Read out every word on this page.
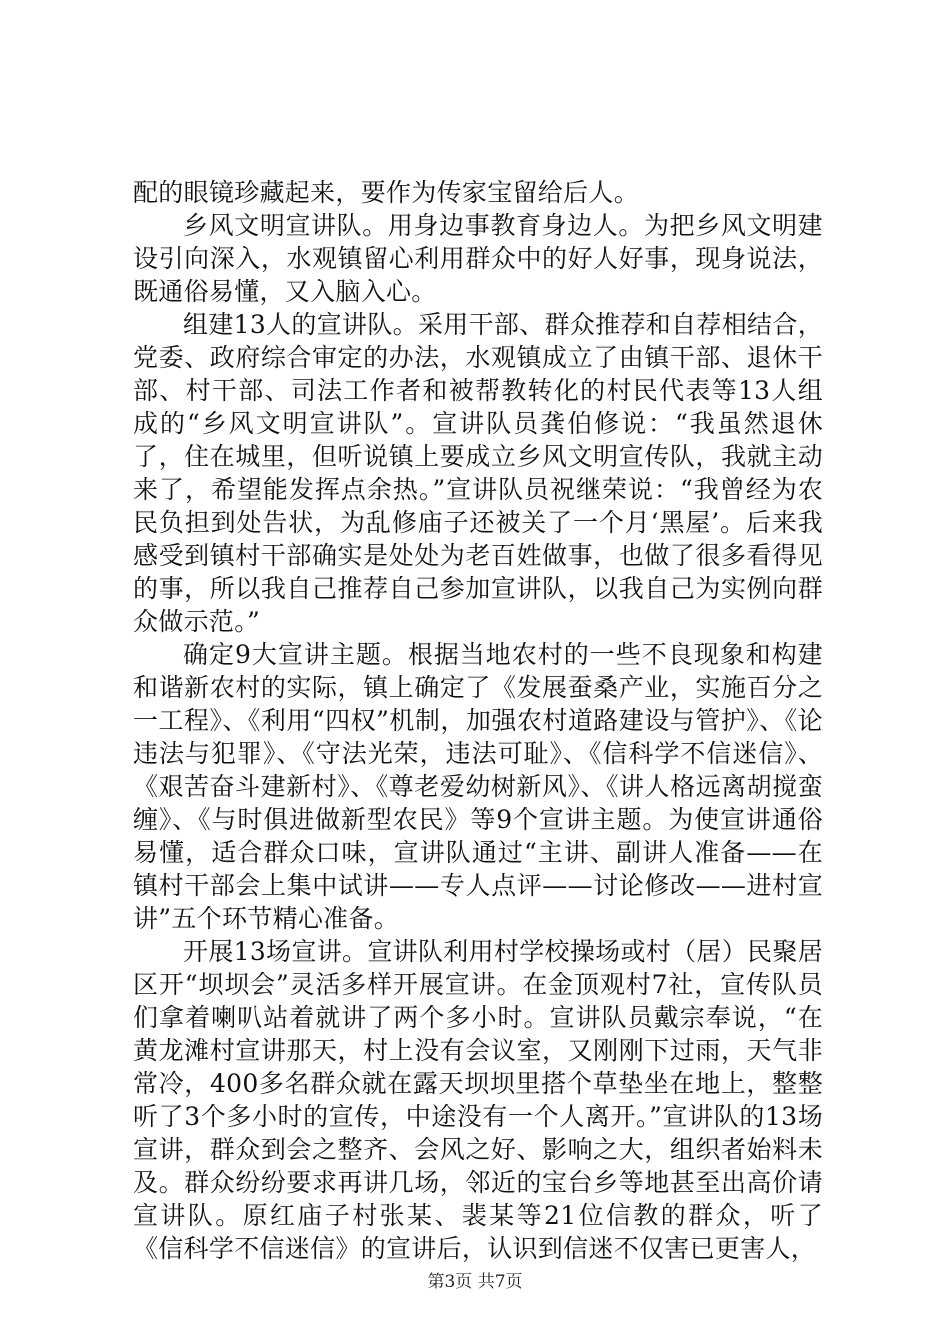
配的眼镜珍藏起来，要作为传家宝留给后人。

乡风文明宣讲队。用身边事教育身边人。为把乡风文明建设引向深入，水观镇留心利用群众中的好人好事，现身说法，既通俗易懂，又入脑入心。

组建13人的宣讲队。采用干部、群众推荐和自荐相结合，党委、政府综合审定的办法，水观镇成立了由镇干部、退休干部、村干部、司法工作者和被帮教转化的村民代表等13人组成的“乡风文明宣讲队”。宣讲队员龚伯修说：“我虽然退休了，住在城里，但听说镇上要成立乡风文明宣传队，我就主动来了，希望能发挥点余热。”宣讲队员祝继荣说：“我曾经为农民负担到处告状，为乱修庙子还被关了一个月‘黑屋’。后来我感受到镇村干部确实是处处为老百姓做事，也做了很多看得见的事，所以我自己推荐自己参加宣讲队，以我自己为实例向群众做示范。”

确定9大宣讲主题。根据当地农村的一些不良现象和构建和谐新农村的实际，镇上确定了《发展蚕桑产业，实施百分之一工程》、《利用“四权”机制，加强农村道路建设与管护》、《论违法与犯罪》、《守法光荣，违法可耻》、《信科学不信迷信》、《艰苦奋斗建新村》、《尊老爱幼树新风》、《讲人格远离胡搅蛮缠》、《与时俱进做新型农民》等9个宣讲主题。为使宣讲通俗易懂，适合群众口味，宣讲队通过“主讲、副讲人准备——在镇村干部会上集中试讲——专人点评——讨论修改——进村宣讲”五个环节精心准备。

开展13场宣讲。宣讲队利用村学校操场或村（居）民聚居区开“坝坝会”灵活多样开展宣讲。在金顶观村7社，宣传队员们拿着喇叭站着就讲了两个多小时。宣讲队员戴宗奉说，“在黄龙滩村宣讲那天，村上没有会议室，又刚刚下过雨，天气非常冷，400多名群众就在露天坝坝里搭个草垫坐在地上，整整听了3个多小时的宣传，中途没有一个人离开。”宣讲队的13场宣讲，群众到会之整齐、会风之好、影响之大，组织者始料未及。群众纷纷要求再讲几场，邻近的宝台乡等地甚至出高价请宣讲队。原红庙子村张某、裴某等21位信教的群众，听了《信科学不信迷信》的宣讲后，认识到信迷不仅害已更害人，

第3页 共7页
